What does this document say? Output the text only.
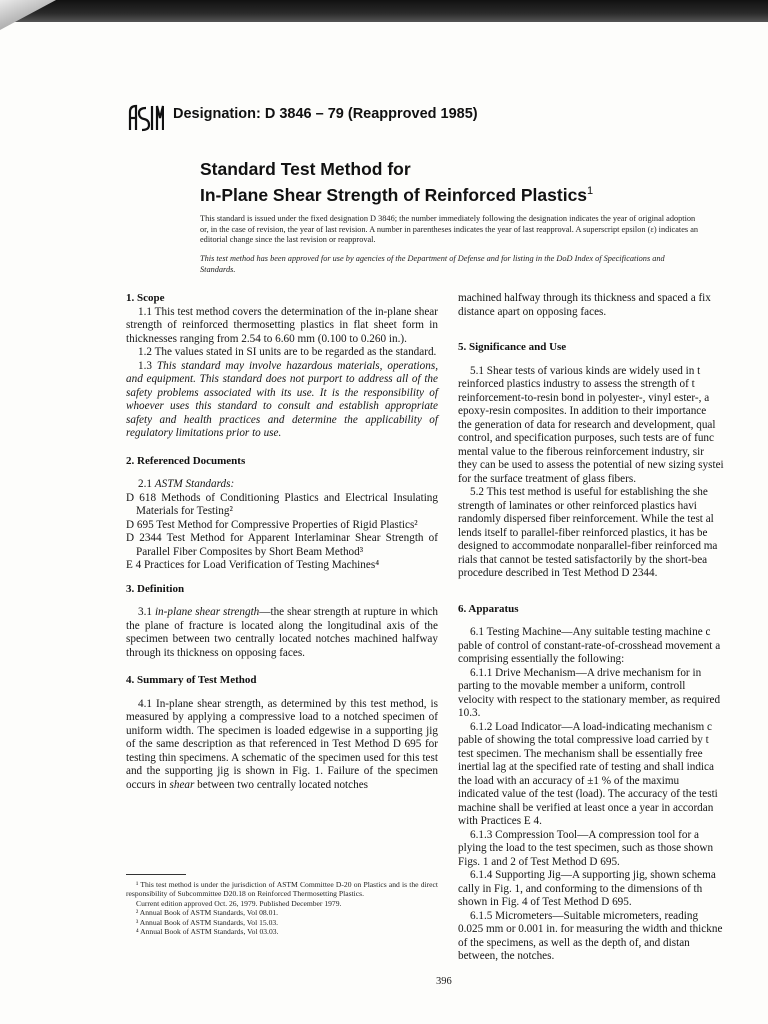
Designation: D 3846 – 79 (Reapproved 1985)
Standard Test Method for
In-Plane Shear Strength of Reinforced Plastics$^1$
This standard is issued under the fixed designation D 3846; the number immediately following the designation indicates the year of original adoption or, in the case of revision, the year of last revision. A number in parentheses indicates the year of last reapproval. A superscript epsilon (ε) indicates an editorial change since the last revision or reapproval.
This test method has been approved for use by agencies of the Department of Defense and for listing in the DoD Index of Specifications and Standards.
1. Scope

1.1 This test method covers the determination of the in-plane shear strength of reinforced thermosetting plastics in flat sheet form in thicknesses ranging from 2.54 to 6.60 mm (0.100 to 0.260 in.).

1.2 The values stated in SI units are to be regarded as the standard.

1.3 This standard may involve hazardous materials, operations, and equipment. This standard does not purport to address all of the safety problems associated with its use. It is the responsibility of whoever uses this standard to consult and establish appropriate safety and health practices and determine the applicability of regulatory limitations prior to use.

2. Referenced Documents

2.1 ASTM Standards:

D 618 Methods of Conditioning Plastics and Electrical Insulating Materials for Testing²

D 695 Test Method for Compressive Properties of Rigid Plastics²

D 2344 Test Method for Apparent Interlaminar Shear Strength of Parallel Fiber Composites by Short Beam Method³

E 4 Practices for Load Verification of Testing Machines⁴

3. Definition

3.1 in-plane shear strength—the shear strength at rupture in which the plane of fracture is located along the longitudinal axis of the specimen between two centrally located notches machined halfway through its thickness on opposing faces.

4. Summary of Test Method

4.1 In-plane shear strength, as determined by this test method, is measured by applying a compressive load to a notched specimen of uniform width. The specimen is loaded edgewise in a supporting jig of the same description as that referenced in Test Method D 695 for testing thin specimens. A schematic of the specimen used for this test and the supporting jig is shown in Fig. 1. Failure of the specimen occurs in shear between two centrally located notches

¹ This test method is under the jurisdiction of ASTM Committee D-20 on Plastics and is the direct responsibility of Subcommittee D20.18 on Reinforced Thermosetting Plastics.

Current edition approved Oct. 26, 1979. Published December 1979.

² Annual Book of ASTM Standards, Vol 08.01.

³ Annual Book of ASTM Standards, Vol 15.03.

⁴ Annual Book of ASTM Standards, Vol 03.03.

machined halfway through its thickness and spaced a fix

distance apart on opposing faces.

5. Significance and Use

5.1 Shear tests of various kinds are widely used in t

reinforced plastics industry to assess the strength of t

reinforcement-to-resin bond in polyester-, vinyl ester-, a

epoxy-resin composites. In addition to their importance

the generation of data for research and development, qual

control, and specification purposes, such tests are of func

mental value to the fiberous reinforcement industry, sir

they can be used to assess the potential of new sizing systei

for the surface treatment of glass fibers.

5.2 This test method is useful for establishing the she

strength of laminates or other reinforced plastics havi

randomly dispersed fiber reinforcement. While the test al

lends itself to parallel-fiber reinforced plastics, it has be

designed to accommodate nonparallel-fiber reinforced ma

rials that cannot be tested satisfactorily by the short-bea

procedure described in Test Method D 2344.

6. Apparatus

6.1 Testing Machine—Any suitable testing machine c

pable of control of constant-rate-of-crosshead movement a

comprising essentially the following:

6.1.1 Drive Mechanism—A drive mechanism for in

parting to the movable member a uniform, controll

velocity with respect to the stationary member, as required

10.3.

6.1.2 Load Indicator—A load-indicating mechanism c

pable of showing the total compressive load carried by t

test specimen. The mechanism shall be essentially free

inertial lag at the specified rate of testing and shall indica

the load with an accuracy of ±1 % of the maximu

indicated value of the test (load). The accuracy of the testi

machine shall be verified at least once a year in accordan

with Practices E 4.

6.1.3 Compression Tool—A compression tool for a

plying the load to the test specimen, such as those shown

Figs. 1 and 2 of Test Method D 695.

6.1.4 Supporting Jig—A supporting jig, shown schema

cally in Fig. 1, and conforming to the dimensions of th

shown in Fig. 4 of Test Method D 695.

6.1.5 Micrometers—Suitable micrometers, reading

0.025 mm or 0.001 in. for measuring the width and thickne

of the specimens, as well as the depth of, and distan

between, the notches.

396
